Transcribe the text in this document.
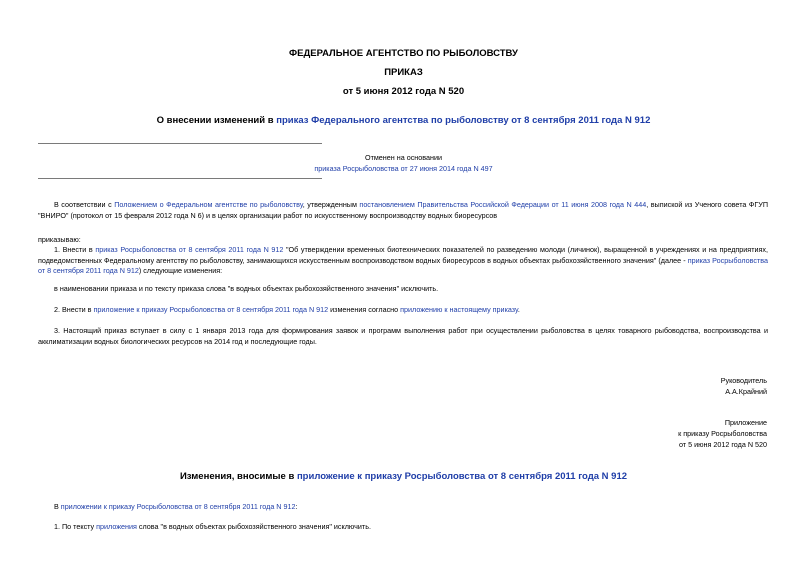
ФЕДЕРАЛЬНОЕ АГЕНТСТВО ПО РЫБОЛОВСТВУ
ПРИКАЗ
от 5 июня 2012 года N 520
О внесении изменений в приказ Федерального агентства по рыболовству от 8 сентября 2011 года N 912
Отменен на основании
приказа Росрыболовства от 27 июня 2014 года N 497

В соответствии с Положением о Федеральном агентстве по рыболовству, утвержденным постановлением Правительства Российской Федерации от 11 июня 2008 года N 444, выпиской из Ученого совета ФГУП "ВНИРО" (протокол от 15 февраля 2012 года N 6) и в целях организации работ по искусственному воспроизводству водных биоресурсов

приказываю:

1. Внести в приказ Росрыболовства от 8 сентября 2011 года N 912 "Об утверждении временных биотехнических показателей по разведению молоди (личинок), выращенной в учреждениях и на предприятиях, подведомственных Федеральному агентству по рыболовству, занимающихся искусственным воспроизводством водных биоресурсов в водных объектах рыбохозяйственного значения" (далее - приказ Росрыболовства от 8 сентября 2011 года N 912) следующие изменения:

в наименовании приказа и по тексту приказа слова "в водных объектах рыбохозяйственного значения" исключить.

2. Внести в приложение к приказу Росрыболовства от 8 сентября 2011 года N 912 изменения согласно приложению к настоящему приказу.

3. Настоящий приказ вступает в силу с 1 января 2013 года для формирования заявок и программ выполнения работ при осуществлении рыболовства в целях товарного рыбоводства, воспроизводства и акклиматизации водных биологических ресурсов на 2014 год и последующие годы.

Руководитель
А.А.Крайний
Приложение
к приказу Росрыболовства
от 5 июня 2012 года N 520
Изменения, вносимые в приложение к приказу Росрыболовства от 8 сентября 2011 года N 912

В приложении к приказу Росрыболовства от 8 сентября 2011 года N 912:

1. По тексту приложения слова "в водных объектах рыбохозяйственного значения" исключить.
